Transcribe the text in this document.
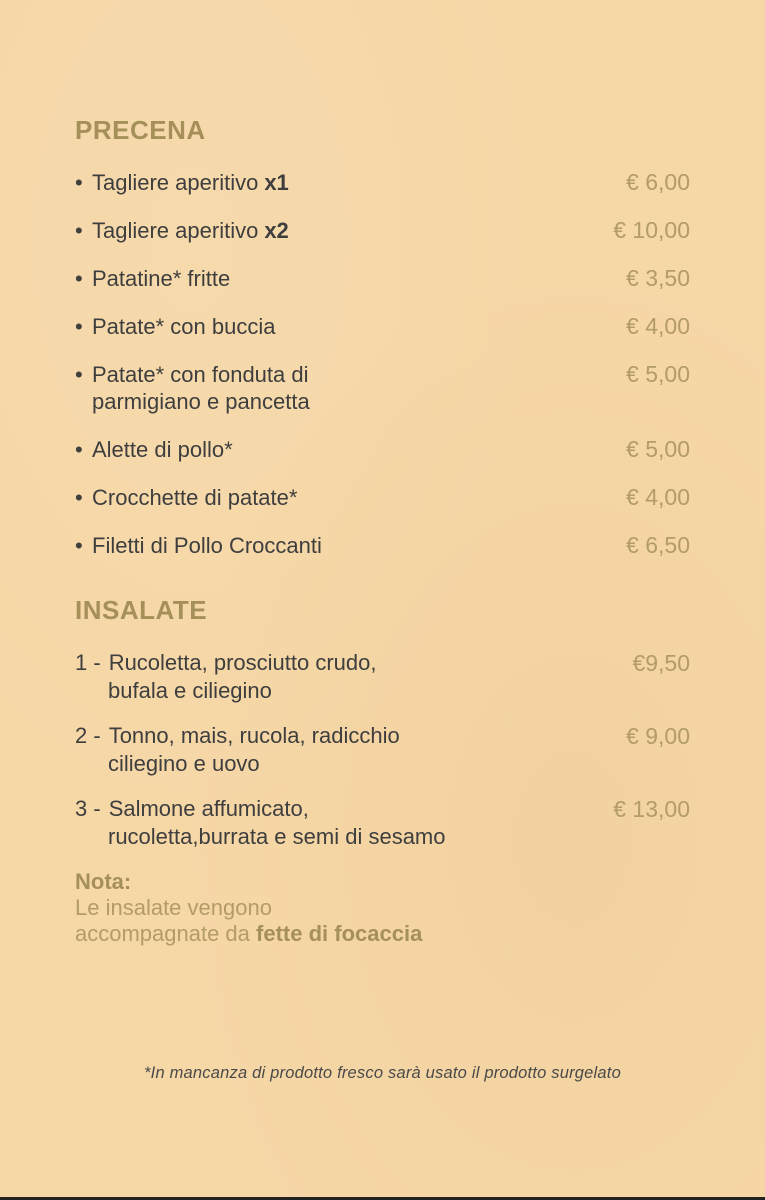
PRECENA
• Tagliere aperitivo x1	€ 6,00
• Tagliere aperitivo x2	€ 10,00
• Patatine* fritte	€ 3,50
• Patate* con buccia	€ 4,00
• Patate* con fonduta di
parmigiano e pancetta
€ 5,00
• Alette di pollo*	€ 5,00
• Crocchette di patate*	€ 4,00
• Filetti di Pollo Croccanti	€ 6,50
INSALATE
1 - Rucoletta, prosciutto crudo,
bufala e ciliegino
€9,50
2 - Tonno, mais, rucola, radicchio
ciliegino e uovo
€ 9,00
3 - Salmone affumicato,
rucoletta,burrata e semi di sesamo
€ 13,00
Nota:
Le insalate vengono
accompagnate da fette di focaccia
*In mancanza di prodotto fresco sarà usato il prodotto surgelato
